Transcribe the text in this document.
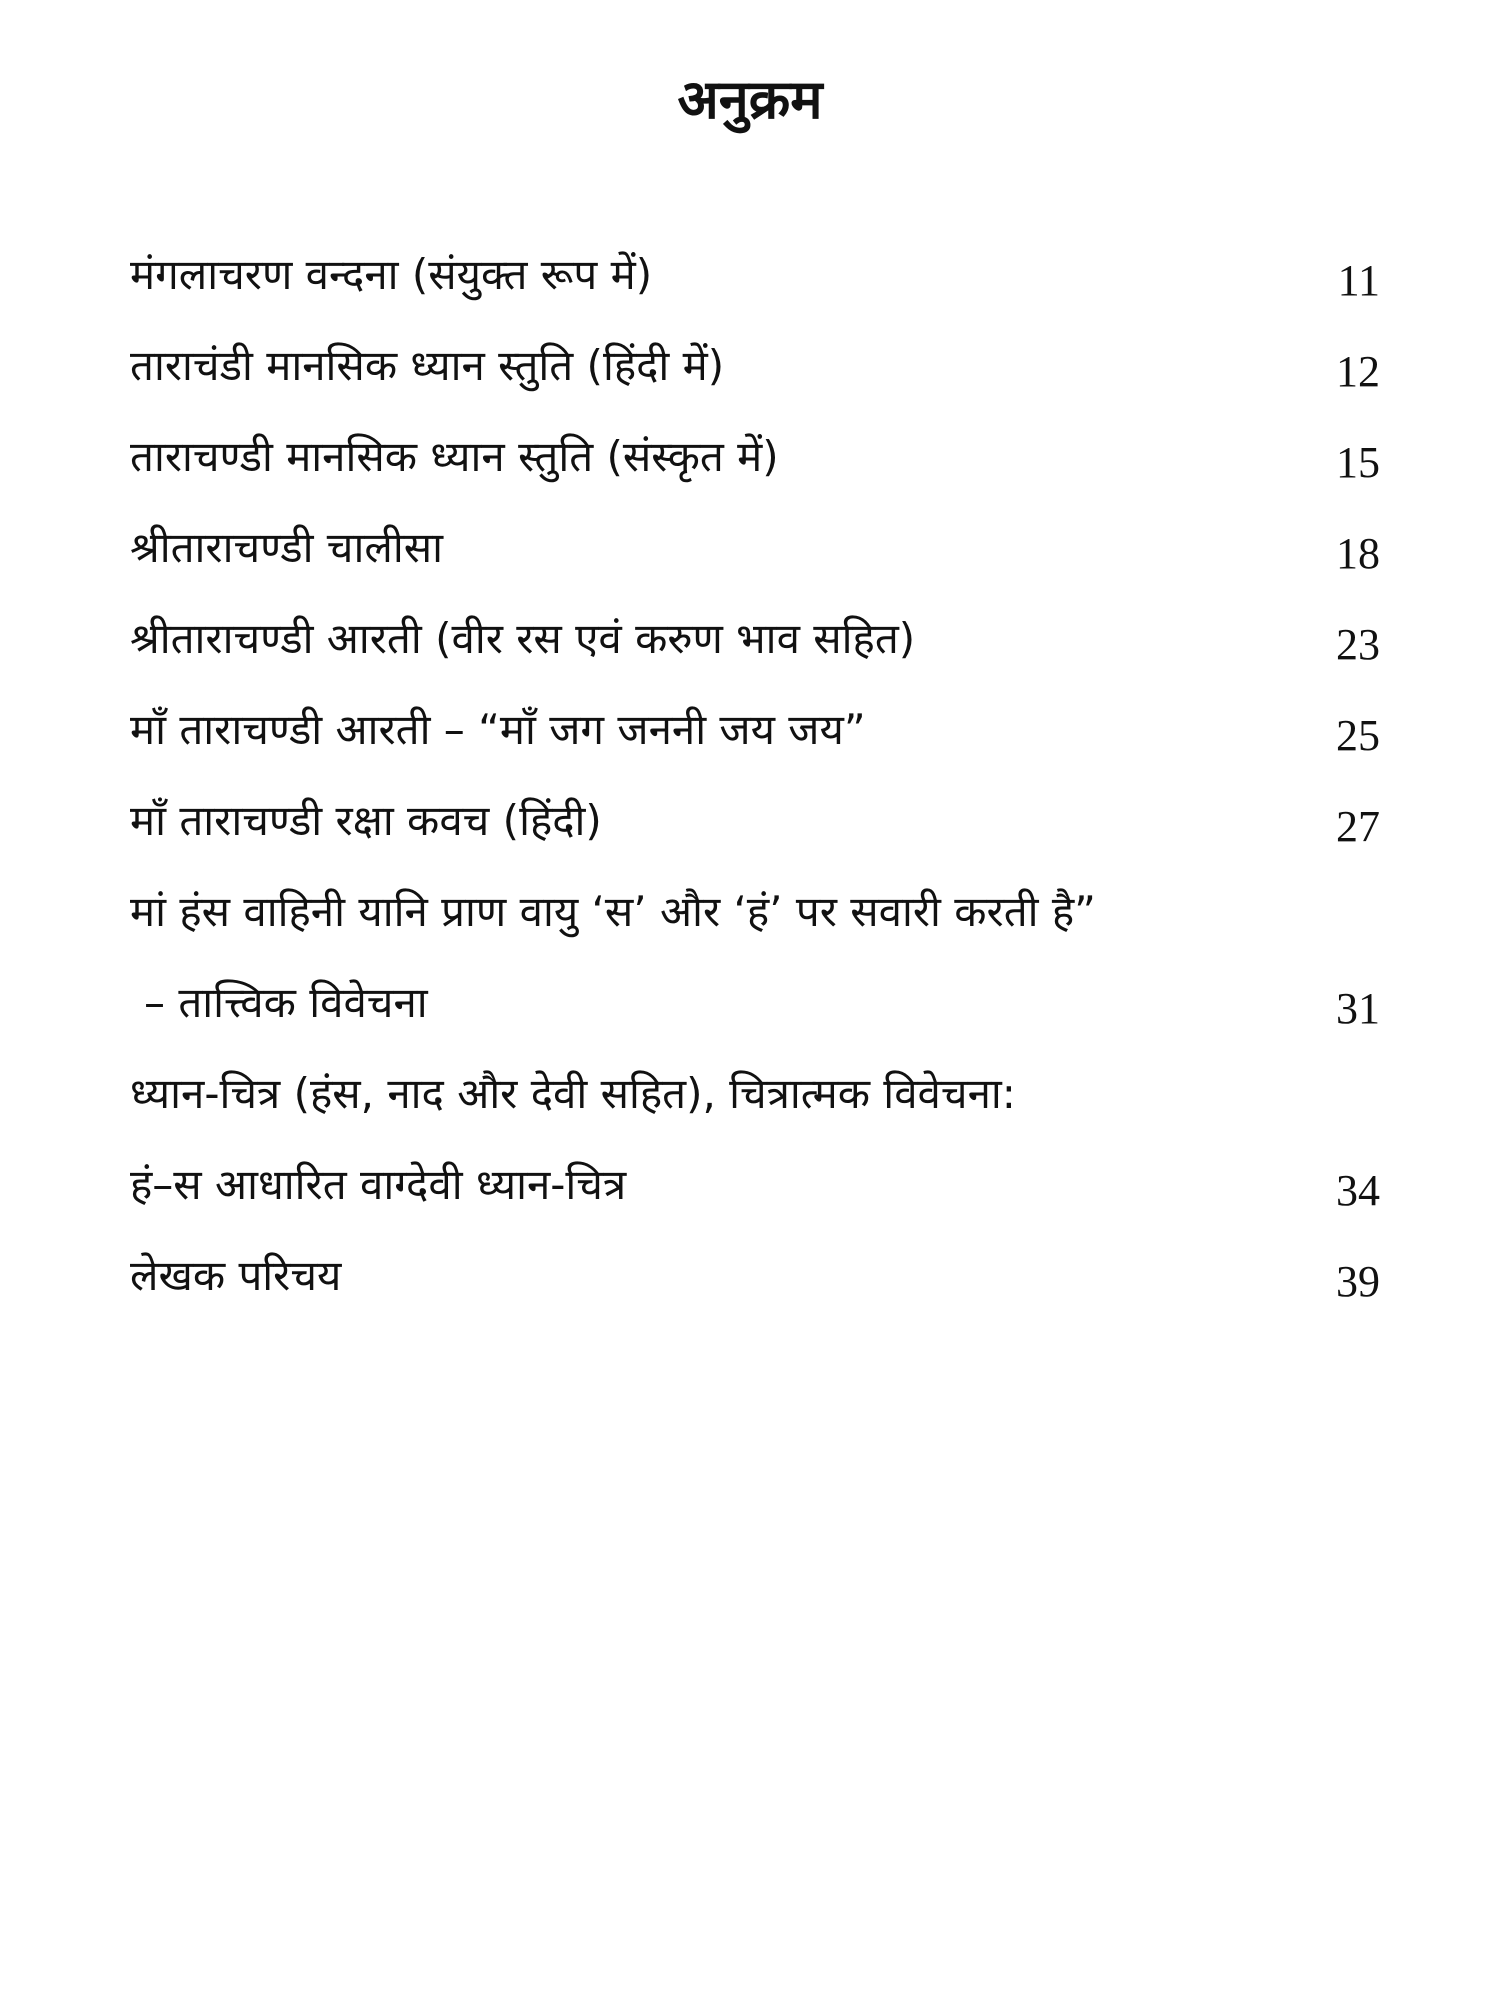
अनुक्रम
मंगलाचरण वन्दना (संयुक्त रूप में)	11
ताराचंडी मानसिक ध्यान स्तुति (हिंदी में)	12
ताराचण्डी मानसिक ध्यान स्तुति (संस्कृत में)	15
श्रीताराचण्डी चालीसा	18
श्रीताराचण्डी आरती (वीर रस एवं करुण भाव सहित)	23
माँ ताराचण्डी आरती – “माँ जग जननी जय जय”	25
माँ ताराचण्डी रक्षा कवच (हिंदी)	27
मां हंस वाहिनी यानि प्राण वायु ‘स’ और ‘हं’ पर सवारी करती है”
– तात्त्विक विवेचना	31
ध्यान-चित्र (हंस, नाद और देवी सहित), चित्रात्मक विवेचना:
हं–स आधारित वाग्देवी ध्यान-चित्र	34
लेखक परिचय	39
